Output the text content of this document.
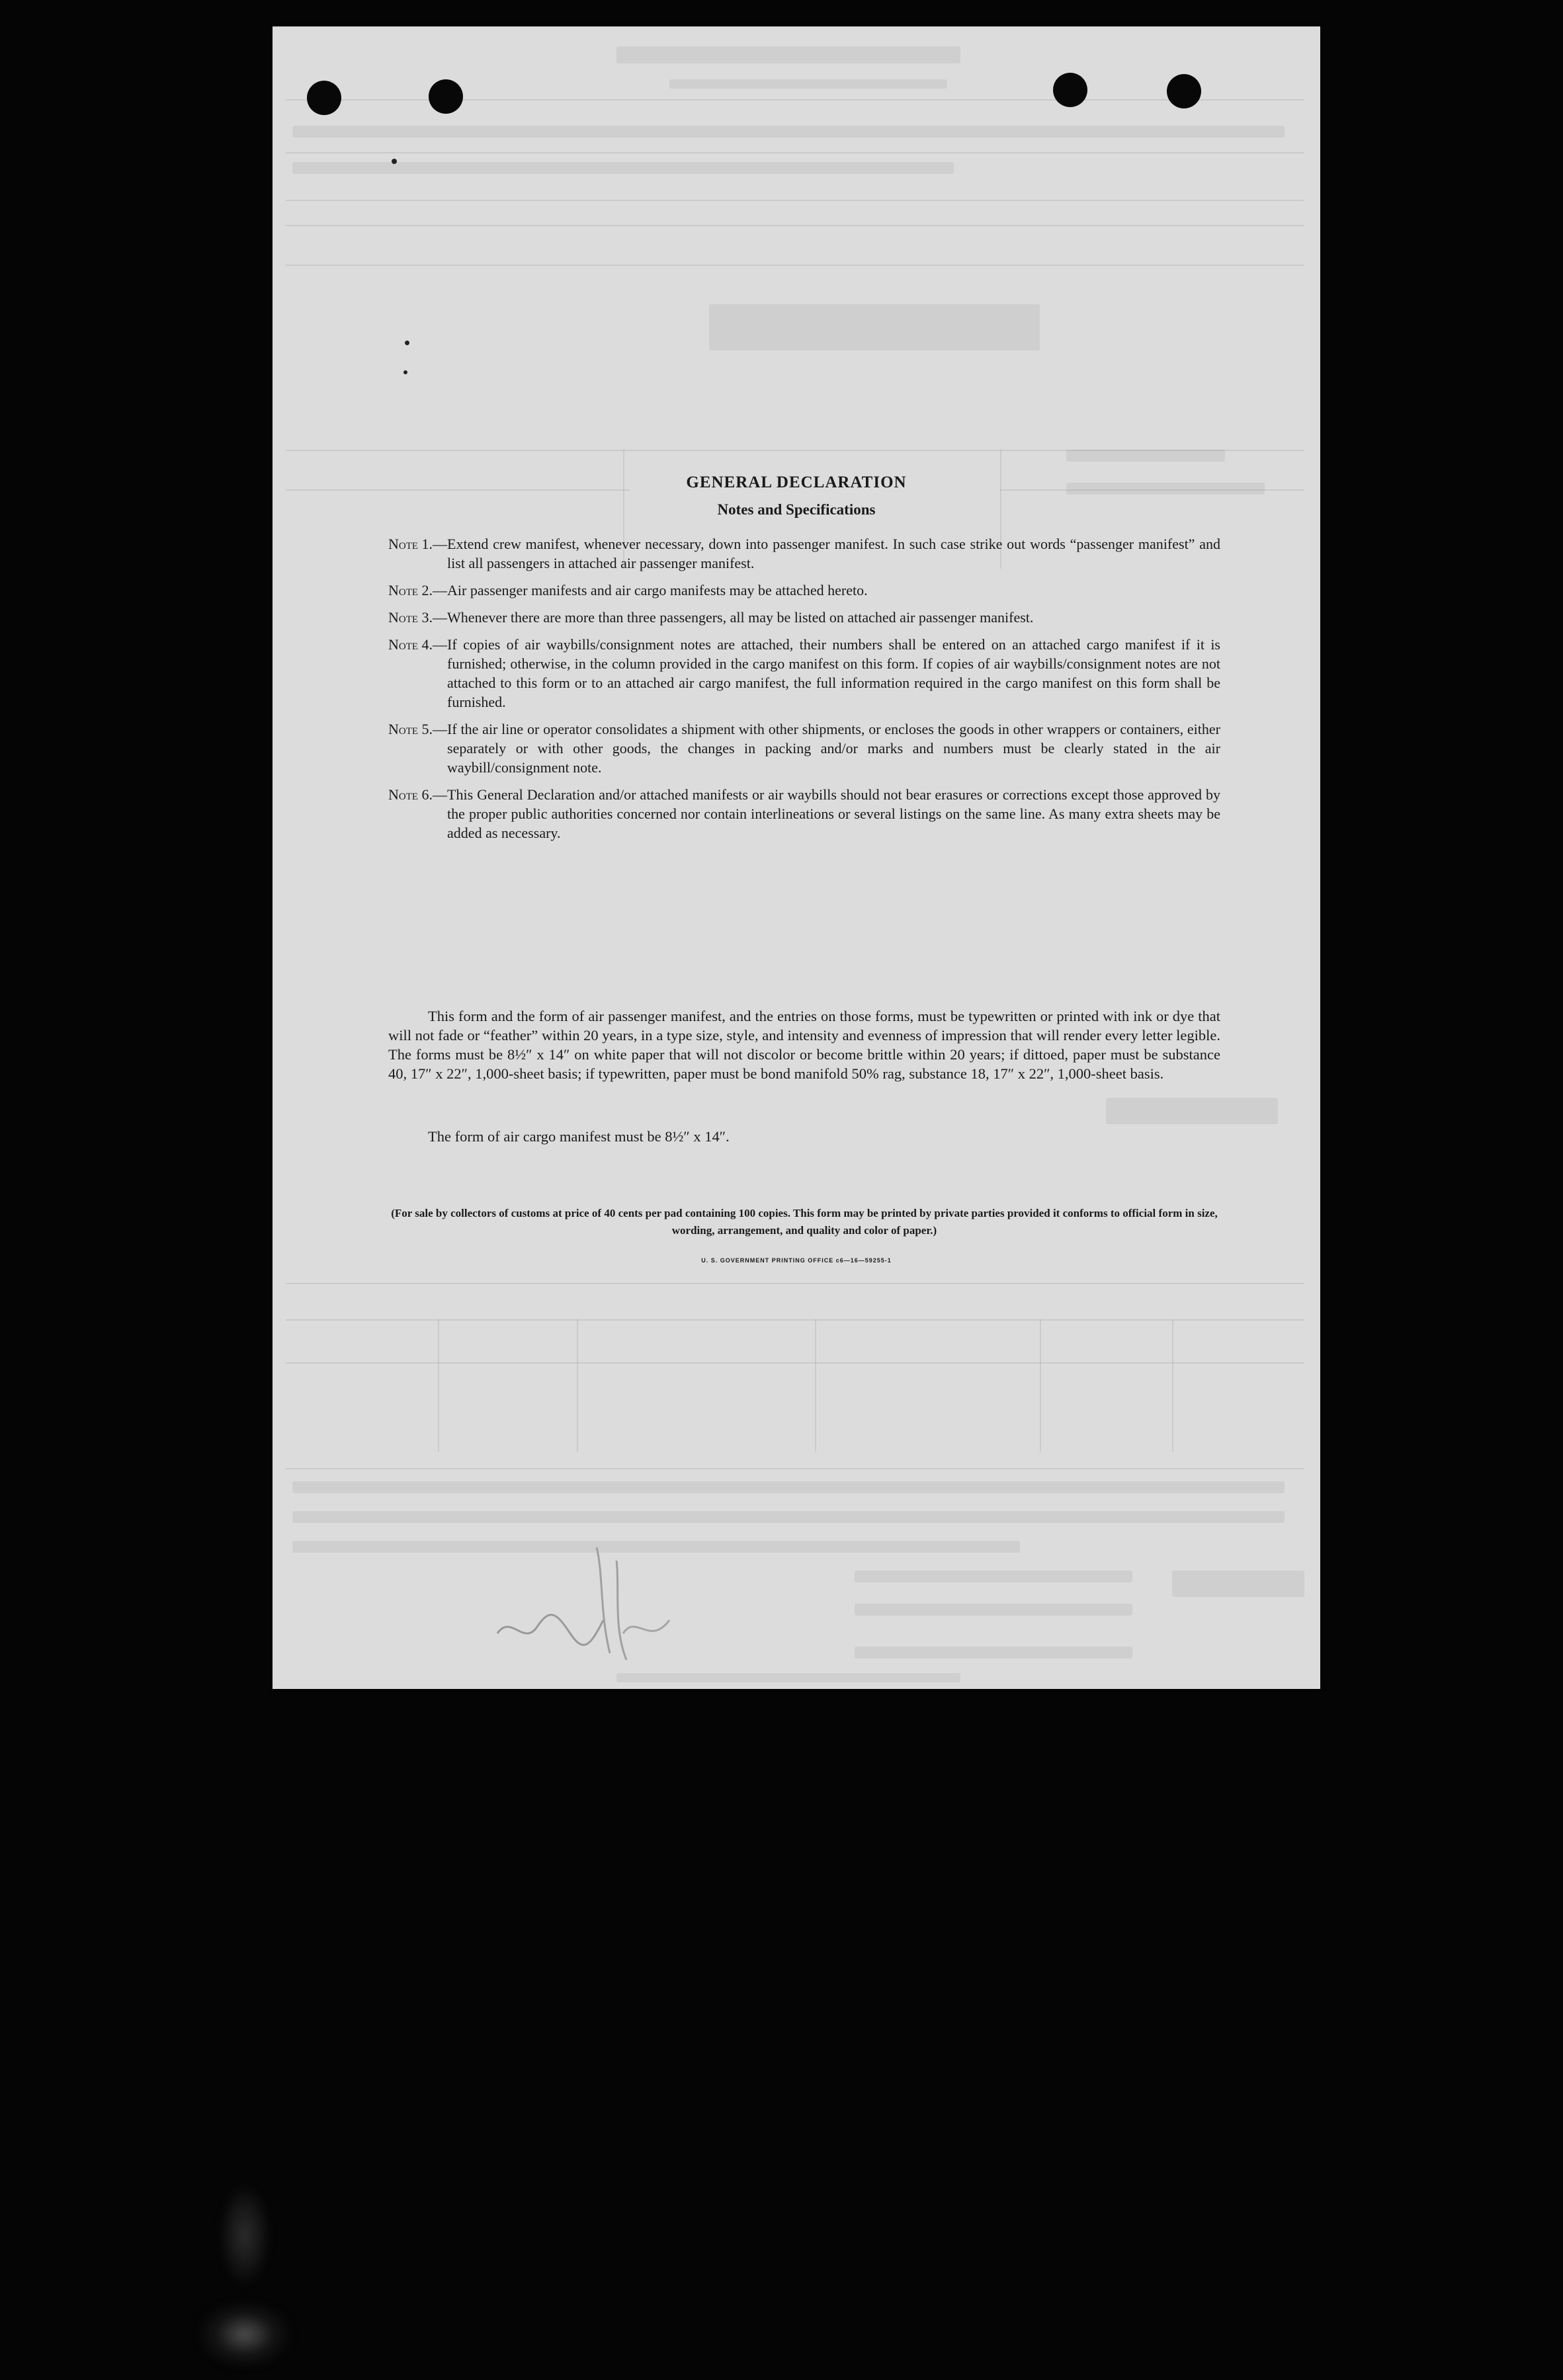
GENERAL DECLARATION
Notes and Specifications
Note 1.— Extend crew manifest, whenever necessary, down into passenger manifest. In such case strike out words “passenger manifest” and list all passengers in attached air passenger manifest.
Note 2.— Air passenger manifests and air cargo manifests may be attached hereto.
Note 3.— Whenever there are more than three passengers, all may be listed on attached air passenger manifest.
Note 4.— If copies of air waybills/consignment notes are attached, their numbers shall be entered on an attached cargo manifest if it is furnished; otherwise, in the column provided in the cargo manifest on this form. If copies of air waybills/consignment notes are not attached to this form or to an attached air cargo manifest, the full information required in the cargo manifest on this form shall be furnished.
Note 5.— If the air line or operator consolidates a shipment with other shipments, or encloses the goods in other wrappers or containers, either separately or with other goods, the changes in packing and/or marks and numbers must be clearly stated in the air waybill/consignment note.
Note 6.— This General Declaration and/or attached manifests or air waybills should not bear erasures or corrections except those approved by the proper public authorities concerned nor contain interlineations or several listings on the same line. As many extra sheets may be added as necessary.
This form and the form of air passenger manifest, and the entries on those forms, must be typewritten or printed with ink or dye that will not fade or “feather” within 20 years, in a type size, style, and intensity and evenness of impression that will render every letter legible. The forms must be 8½″ x 14″ on white paper that will not discolor or become brittle within 20 years; if dittoed, paper must be substance 40, 17″ x 22″, 1,000-sheet basis; if typewritten, paper must be bond manifold 50% rag, substance 18, 17″ x 22″, 1,000-sheet basis.
The form of air cargo manifest must be 8½″ x 14″.
(For sale by collectors of customs at price of 40 cents per pad containing 100 copies. This form may be printed by private parties provided it conforms to official form in size, wording, arrangement, and quality and color of paper.)
U. S. GOVERNMENT PRINTING OFFICE c6—16—59255-1
